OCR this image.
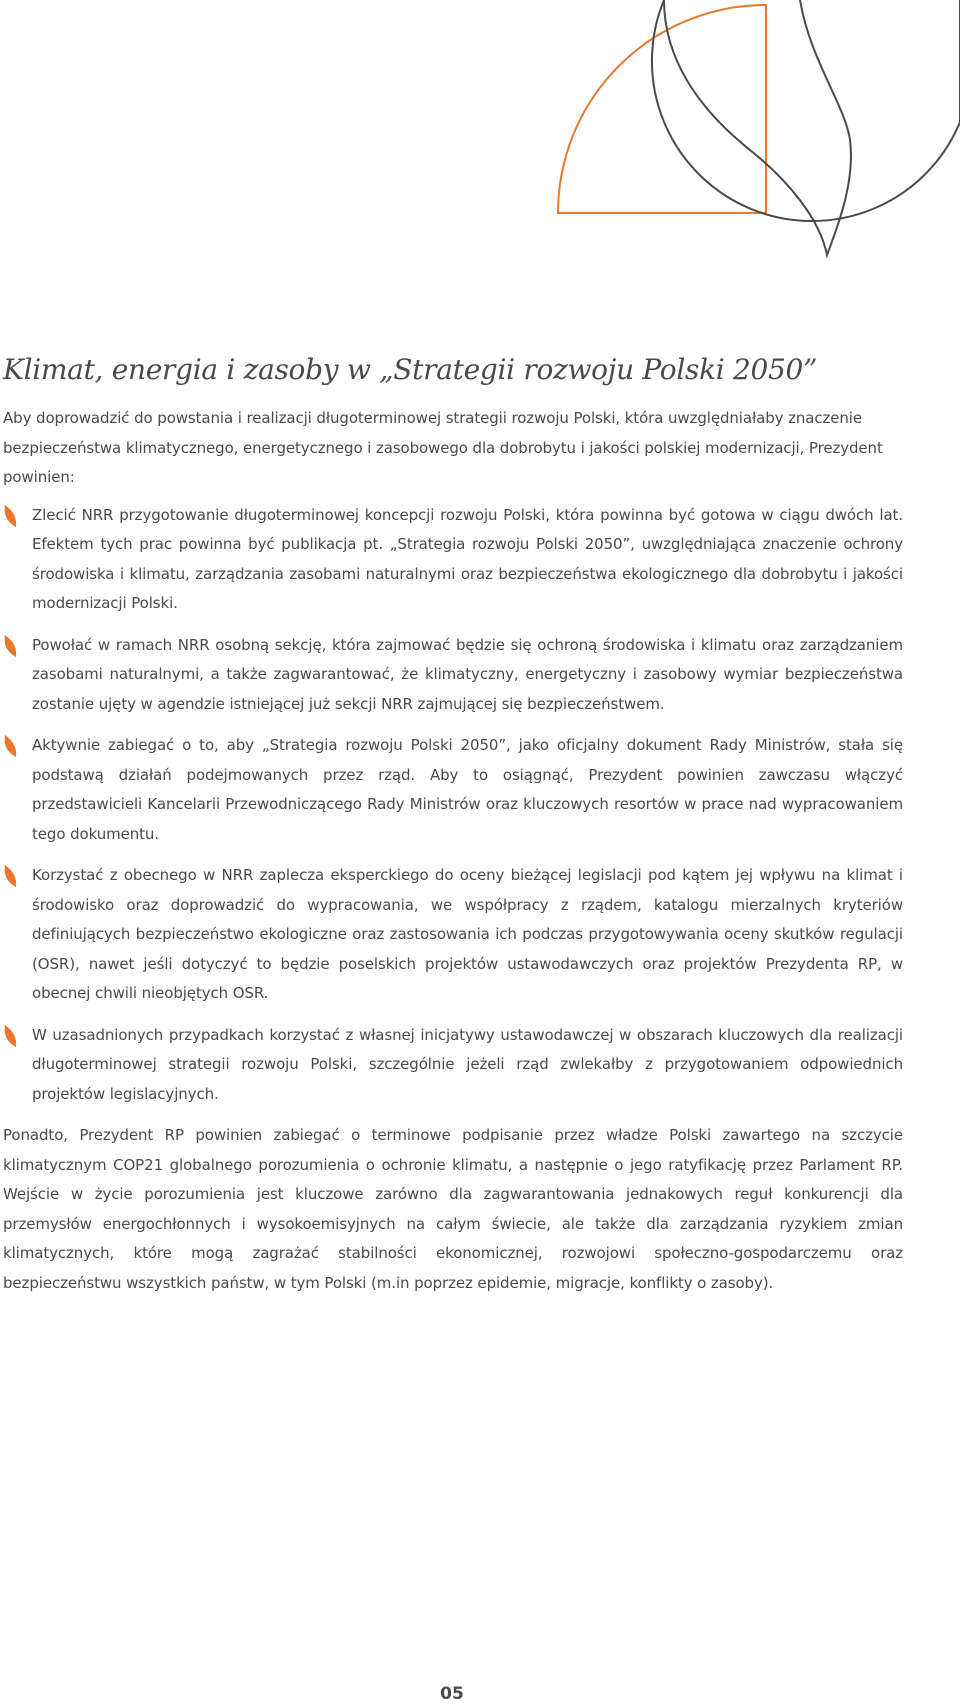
Klimat, energia i zasoby w „Strategii rozwoju Polski 2050”

Aby doprowadzić do powstania i realizacji długoterminowej strategii rozwoju Polski, która uwzględniałaby znaczenie bezpieczeństwa klimatycznego, energetycznego i zasobowego dla dobrobytu i jakości polskiej modernizacji, Prezydent powinien:

Zlecić NRR przygotowanie długoterminowej koncepcji rozwoju Polski, która powinna być gotowa w ciągu dwóch lat. Efektem tych prac powinna być publikacja pt. „Strategia rozwoju Polski 2050”, uwzględniająca znaczenie ochrony środowiska i klimatu, zarządzania zasobami naturalnymi oraz bezpieczeństwa ekologicznego dla dobrobytu i jakości modernizacji Polski.
Powołać w ramach NRR osobną sekcję, która zajmować będzie się ochroną środowiska i klimatu oraz zarządzaniem zasobami naturalnymi, a także zagwarantować, że klimatyczny, energetyczny i zasobowy wymiar bezpieczeństwa zostanie ujęty w agendzie istniejącej już sekcji NRR zajmującej się bezpieczeństwem.
Aktywnie zabiegać o to, aby „Strategia rozwoju Polski 2050”, jako oficjalny dokument Rady Ministrów, stała się podstawą działań podejmowanych przez rząd. Aby to osiągnąć, Prezydent powinien zawczasu włączyć przedstawicieli Kancelarii Przewodniczącego Rady Ministrów oraz kluczowych resortów w prace nad wypracowaniem tego dokumentu.
Korzystać z obecnego w NRR zaplecza eksperckiego do oceny bieżącej legislacji pod kątem jej wpływu na klimat i środowisko oraz doprowadzić do wypracowania, we współpracy z rządem, katalogu mierzalnych kryteriów definiujących bezpieczeństwo ekologiczne oraz zastosowania ich podczas przygotowywania oceny skutków regulacji (OSR), nawet jeśli dotyczyć to będzie poselskich projektów ustawodawczych oraz projektów Prezydenta RP, w obecnej chwili nieobjętych OSR.
W uzasadnionych przypadkach korzystać z własnej inicjatywy ustawodawczej w obszarach kluczowych dla realizacji długoterminowej strategii rozwoju Polski, szczególnie jeżeli rząd zwlekałby z przygotowaniem odpowiednich projektów legislacyjnych.

Ponadto, Prezydent RP powinien zabiegać o terminowe podpisanie przez władze Polski zawartego na szczycie klimatycznym COP21 globalnego porozumienia o ochronie klimatu, a następnie o jego ratyfikację przez Parlament RP. Wejście w życie porozumienia jest kluczowe zarówno dla zagwarantowania jednakowych reguł konkurencji dla przemysłów energochłonnych i wysokoemisyjnych na całym świecie, ale także dla zarządzania ryzykiem zmian klimatycznych, które mogą zagrażać stabilności ekonomicznej, rozwojowi społeczno-gospodarczemu oraz bezpieczeństwu wszystkich państw, w tym Polski (m.in poprzez epidemie, migracje, konflikty o zasoby).

05
